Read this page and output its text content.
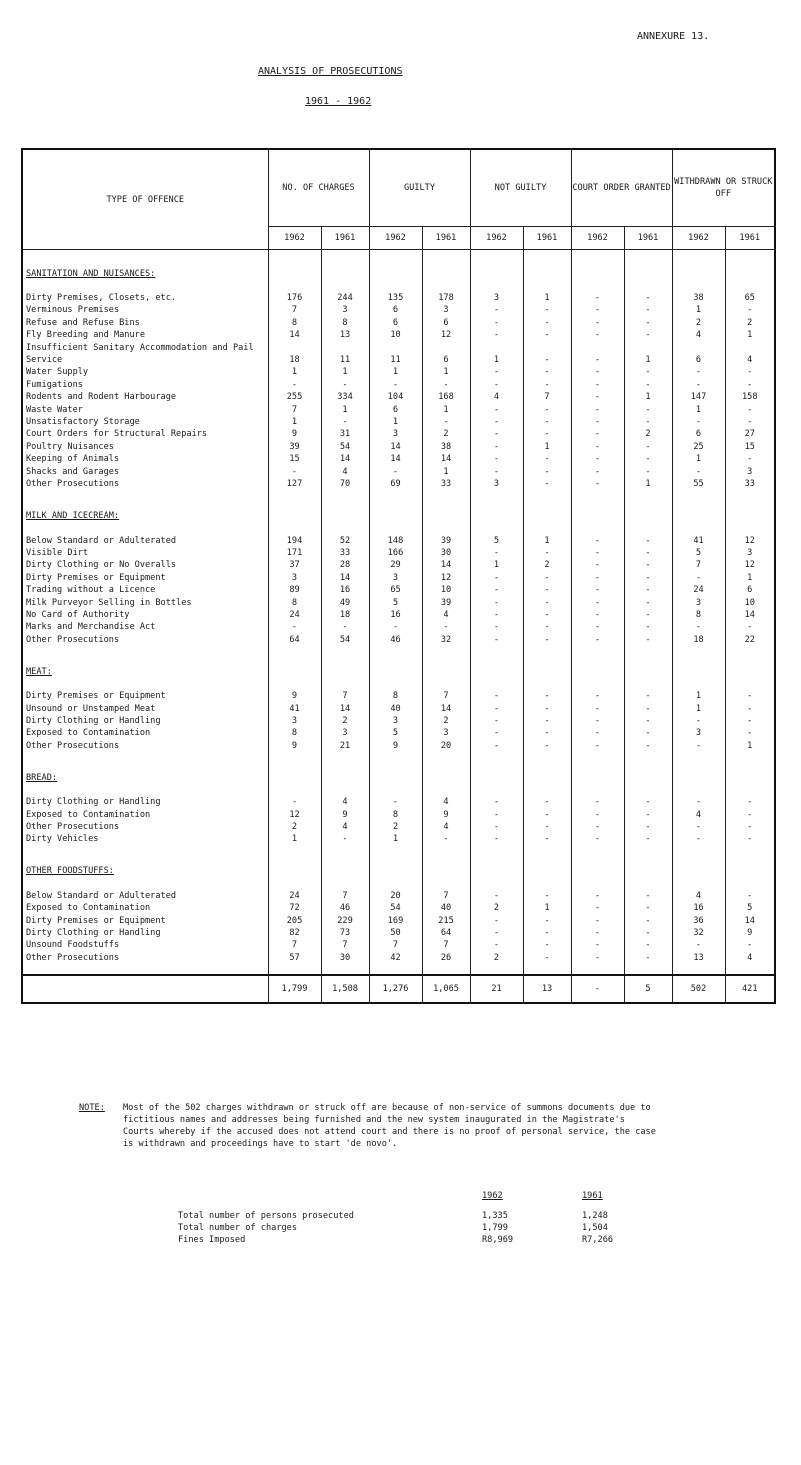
ANNEXURE 13.
ANALYSIS OF PROSECUTIONS
1961 - 1962
TYPE OF OFFENCE	NO. OF CHARGES		GUILTY		NOT GUILTY		COURT ORDER GRANTED		WITHDRAWN OR STRUCK OFF	
	1962	1961	1962	1961	1962	1961	1962	1961	1962	1961

SANITATION AND NUISANCES:										

Dirty Premises, Closets, etc.	176	244	135	178	3	1	-	-	38	65
Verminous Premises	7	3	6	3	-	-	-	-	1	-
Refuse and Refuse Bins	8	8	6	6	-	-	-	-	2	2
Fly Breeding and Manure	14	13	10	12	-	-	-	-	4	1
Insufficient Sanitary Accommodation and Pail										
Service	18	11	11	6	1	-	-	1	6	4
Water Supply	1	1	1	1	-	-	-	-	-	-
Fumigations	-	-	-	-	-	-	-	-	-	-
Rodents and Rodent Harbourage	255	334	104	168	4	7	-	1	147	158
Waste Water	7	1	6	1	-	-	-	-	1	-
Unsatisfactory Storage	1	-	1	-	-	-	-	-	-	-
Court Orders for Structural Repairs	9	31	3	2	-	-	-	2	6	27
Poultry Nuisances	39	54	14	38	-	1	-	-	25	15
Keeping of Animals	15	14	14	14	-	-	-	-	1	-
Shacks and Garages	-	4	-	1	-	-	-	-	-	3
Other Prosecutions	127	70	69	33	3	-	-	1	55	33

MILK AND ICECREAM:										

Below Standard or Adulterated	194	52	148	39	5	1	-	-	41	12
Visible Dirt	171	33	166	30	-	-	-	-	5	3
Dirty Clothing or No Overalls	37	28	29	14	1	2	-	-	7	12
Dirty Premises or Equipment	3	14	3	12	-	-	-	-	-	1
Trading without a Licence	89	16	65	10	-	-	-	-	24	6
Milk Purveyor Selling in Bottles	8	49	5	39	-	-	-	-	3	10
No Card of Authority	24	18	16	4	-	-	-	-	8	14
Marks and Merchandise Act	-	-	-	-	-	-	-	-	-	-
Other Prosecutions	64	54	46	32	-	-	-	-	18	22

MEAT:										

Dirty Premises or Equipment	9	7	8	7	-	-	-	-	1	-
Unsound or Unstamped Meat	41	14	40	14	-	-	-	-	1	-
Dirty Clothing or Handling	3	2	3	2	-	-	-	-	-	-
Exposed to Contamination	8	3	5	3	-	-	-	-	3	-
Other Prosecutions	9	21	9	20	-	-	-	-	-	1

BREAD:										

Dirty Clothing or Handling	-	4	-	4	-	-	-	-	-	-
Exposed to Contamination	12	9	8	9	-	-	-	-	4	-
Other Prosecutions	2	4	2	4	-	-	-	-	-	-
Dirty Vehicles	1	-	1	-	-	-	-	-	-	-

OTHER FOODSTUFFS:										

Below Standard or Adulterated	24	7	20	7	-	-	-	-	4	-
Exposed to Contamination	72	46	54	40	2	1	-	-	16	5
Dirty Premises or Equipment	205	229	169	215	-	-	-	-	36	14
Dirty Clothing or Handling	82	73	50	64	-	-	-	-	32	9
Unsound Foodstuffs	7	7	7	7	-	-	-	-	-	-
Other Prosecutions	57	30	42	26	2	-	-	-	13	4

	1,799	1,508	1,276	1,065	21	13	-	5	502	421
NOTE: Most of the 502 charges withdrawn or struck off are because of non-service of summons documents due to
fictitious names and addresses being furnished and the new system inaugurated in the Magistrate's
Courts whereby if the accused does not attend court and there is no proof of personal service, the case
is withdrawn and proceedings have to start 'de novo'.
1962	1961
Total number of persons prosecuted	1,335	1,248
Total number of charges	1,799	1,504
Fines Imposed	R8,969	R7,266
